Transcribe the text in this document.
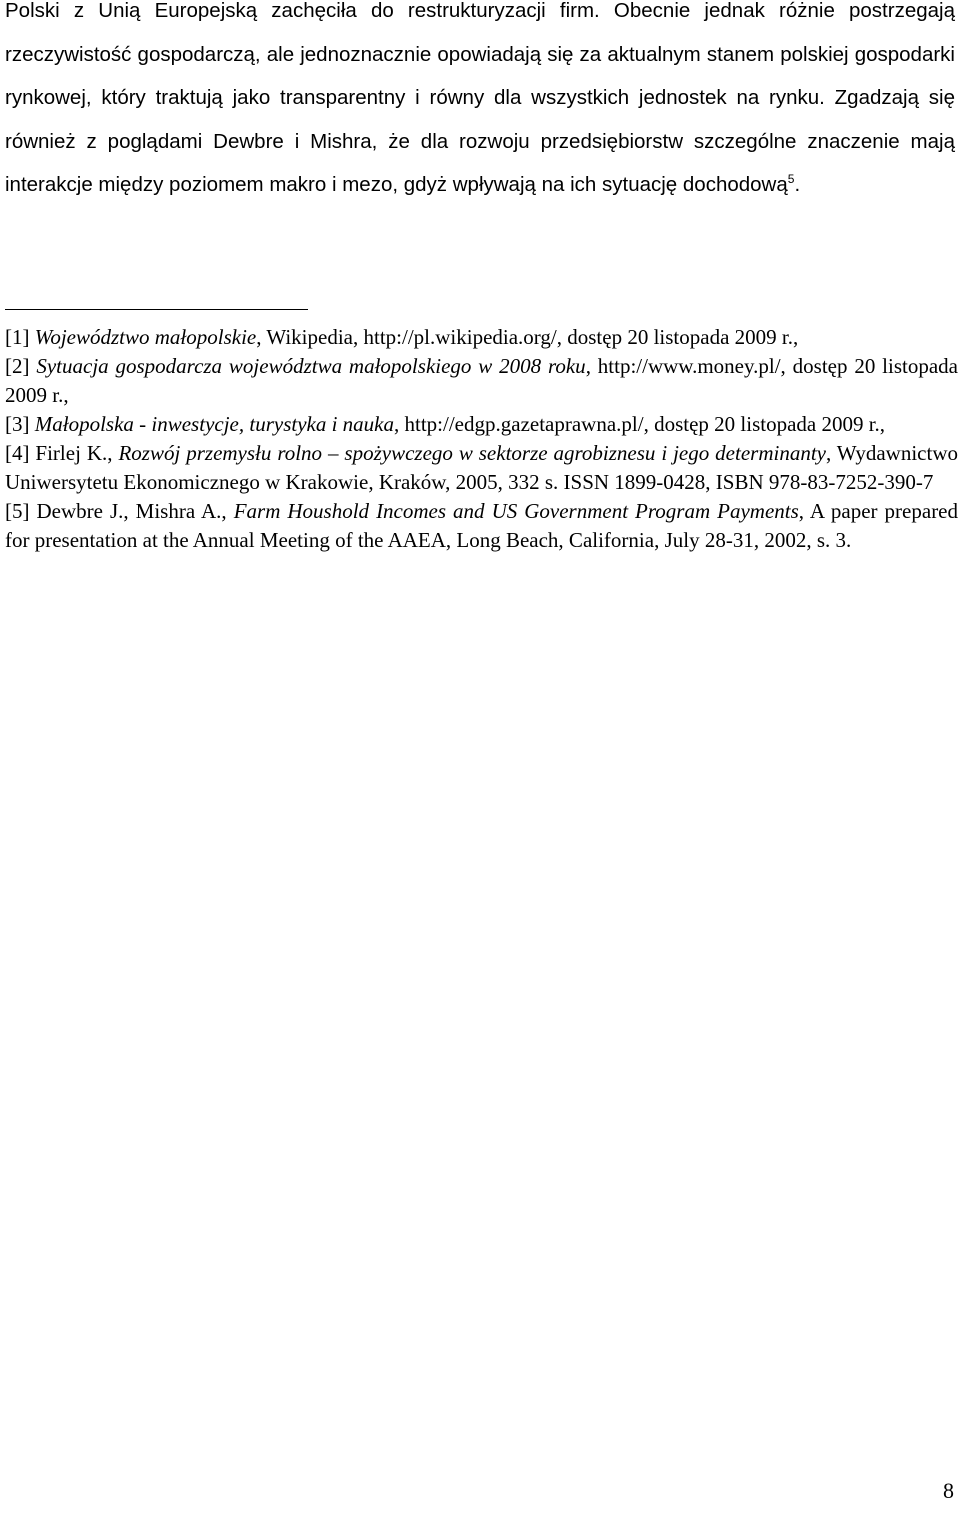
Polski z Unią Europejską zachęciła do restrukturyzacji firm. Obecnie jednak różnie postrzegają rzeczywistość gospodarczą, ale jednoznacznie opowiadają się za aktualnym stanem polskiej gospodarki rynkowej, który traktują jako transparentny i równy dla wszystkich jednostek na rynku. Zgadzają się również z poglądami Dewbre i Mishra, że dla rozwoju przedsiębiorstw szczególne znaczenie mają interakcje między poziomem makro i mezo, gdyż wpływają na ich sytuację dochodową$^5$.

[1] Województwo małopolskie, Wikipedia, http://pl.wikipedia.org/, dostęp 20 listopada 2009 r.,

[2] Sytuacja gospodarcza województwa małopolskiego w 2008 roku, http://www.money.pl/, dostęp 20 listopada 2009 r.,

[3] Małopolska - inwestycje, turystyka i nauka, http://edgp.gazetaprawna.pl/, dostęp 20 listopada 2009 r.,

[4] Firlej K., Rozwój przemysłu rolno – spożywczego w sektorze agrobiznesu i jego determinanty, Wydawnictwo Uniwersytetu Ekonomicznego w Krakowie, Kraków, 2005, 332 s. ISSN 1899-0428, ISBN 978-83-7252-390-7

[5] Dewbre J., Mishra A., Farm Houshold Incomes and US Government Program Payments, A paper prepared for presentation at the Annual Meeting of the AAEA, Long Beach, California, July 28-31, 2002, s. 3.

8
